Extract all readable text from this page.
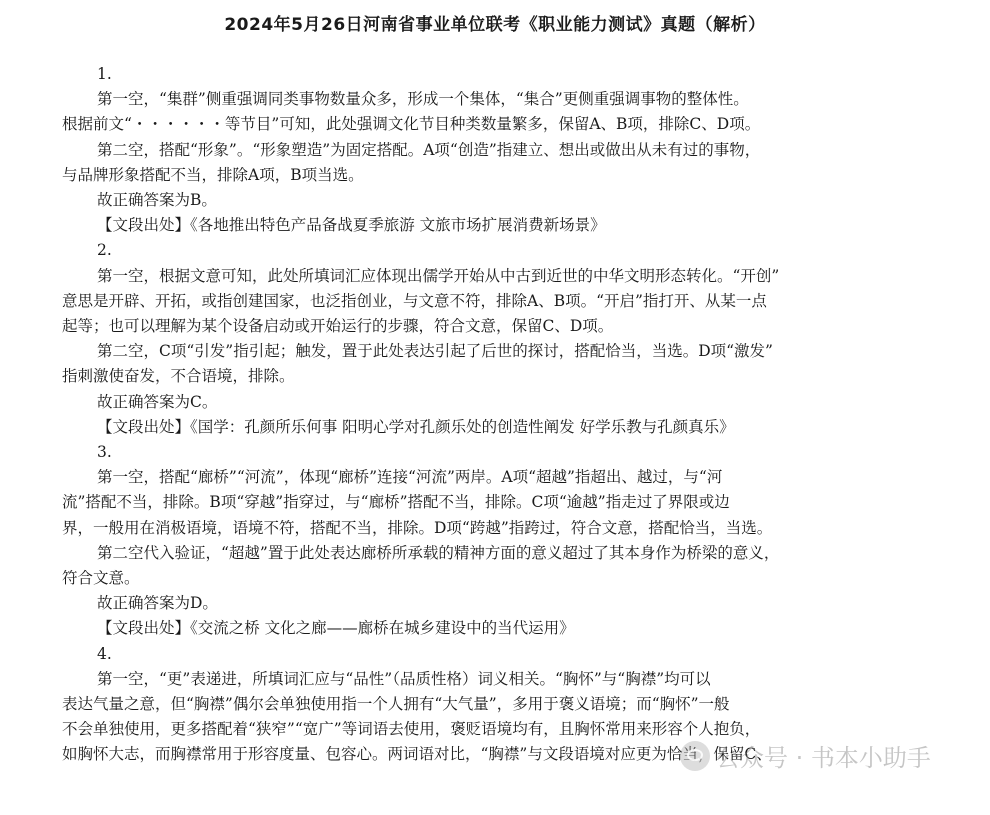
2024年5月26日河南省事业单位联考《职业能力测试》真题（解析）

1.

第一空，“集群”侧重强调同类事物数量众多，形成一个集体，“集合”更侧重强调事物的整体性。

根据前文“・・・・・・等节目”可知，此处强调文化节目种类数量繁多，保留A、B项，排除C、D项。

第二空，搭配“形象”。“形象塑造”为固定搭配。A项“创造”指建立、想出或做出从未有过的事物，

与品牌形象搭配不当，排除A项，B项当选。

故正确答案为B。

【文段出处】《各地推出特色产品备战夏季旅游 文旅市场扩展消费新场景》

2.

第一空，根据文意可知，此处所填词汇应体现出儒学开始从中古到近世的中华文明形态转化。“开创”

意思是开辟、开拓，或指创建国家，也泛指创业，与文意不符，排除A、B项。“开启”指打开、从某一点

起等；也可以理解为某个设备启动或开始运行的步骤，符合文意，保留C、D项。

第二空，C项“引发”指引起；触发，置于此处表达引起了后世的探讨，搭配恰当，当选。D项“激发”

指刺激使奋发，不合语境，排除。

故正确答案为C。

【文段出处】《国学：孔颜所乐何事 阳明心学对孔颜乐处的创造性阐发 好学乐教与孔颜真乐》

3.

第一空，搭配“廊桥”“河流”，体现“廊桥”连接“河流”两岸。A项“超越”指超出、越过，与“河

流”搭配不当，排除。B项“穿越”指穿过，与“廊桥”搭配不当，排除。C项“逾越”指走过了界限或边

界，一般用在消极语境，语境不符，搭配不当，排除。D项“跨越”指跨过，符合文意，搭配恰当，当选。

第二空代入验证，“超越”置于此处表达廊桥所承载的精神方面的意义超过了其本身作为桥梁的意义，

符合文意。

故正确答案为D。

【文段出处】《交流之桥 文化之廊——廊桥在城乡建设中的当代运用》

4.

第一空，“更”表递进，所填词汇应与“品性”（品质性格）词义相关。“胸怀”与“胸襟”均可以

表达气量之意，但“胸襟”偶尔会单独使用指一个人拥有“大气量”，多用于褒义语境；而“胸怀”一般

不会单独使用，更多搭配着“狭窄”“宽广”等词语去使用，褒贬语境均有，且胸怀常用来形容个人抱负，

如胸怀大志，而胸襟常用于形容度量、包容心。两词语对比，“胸襟”与文段语境对应更为恰当，保留C、

公众号 · 书本小助手
